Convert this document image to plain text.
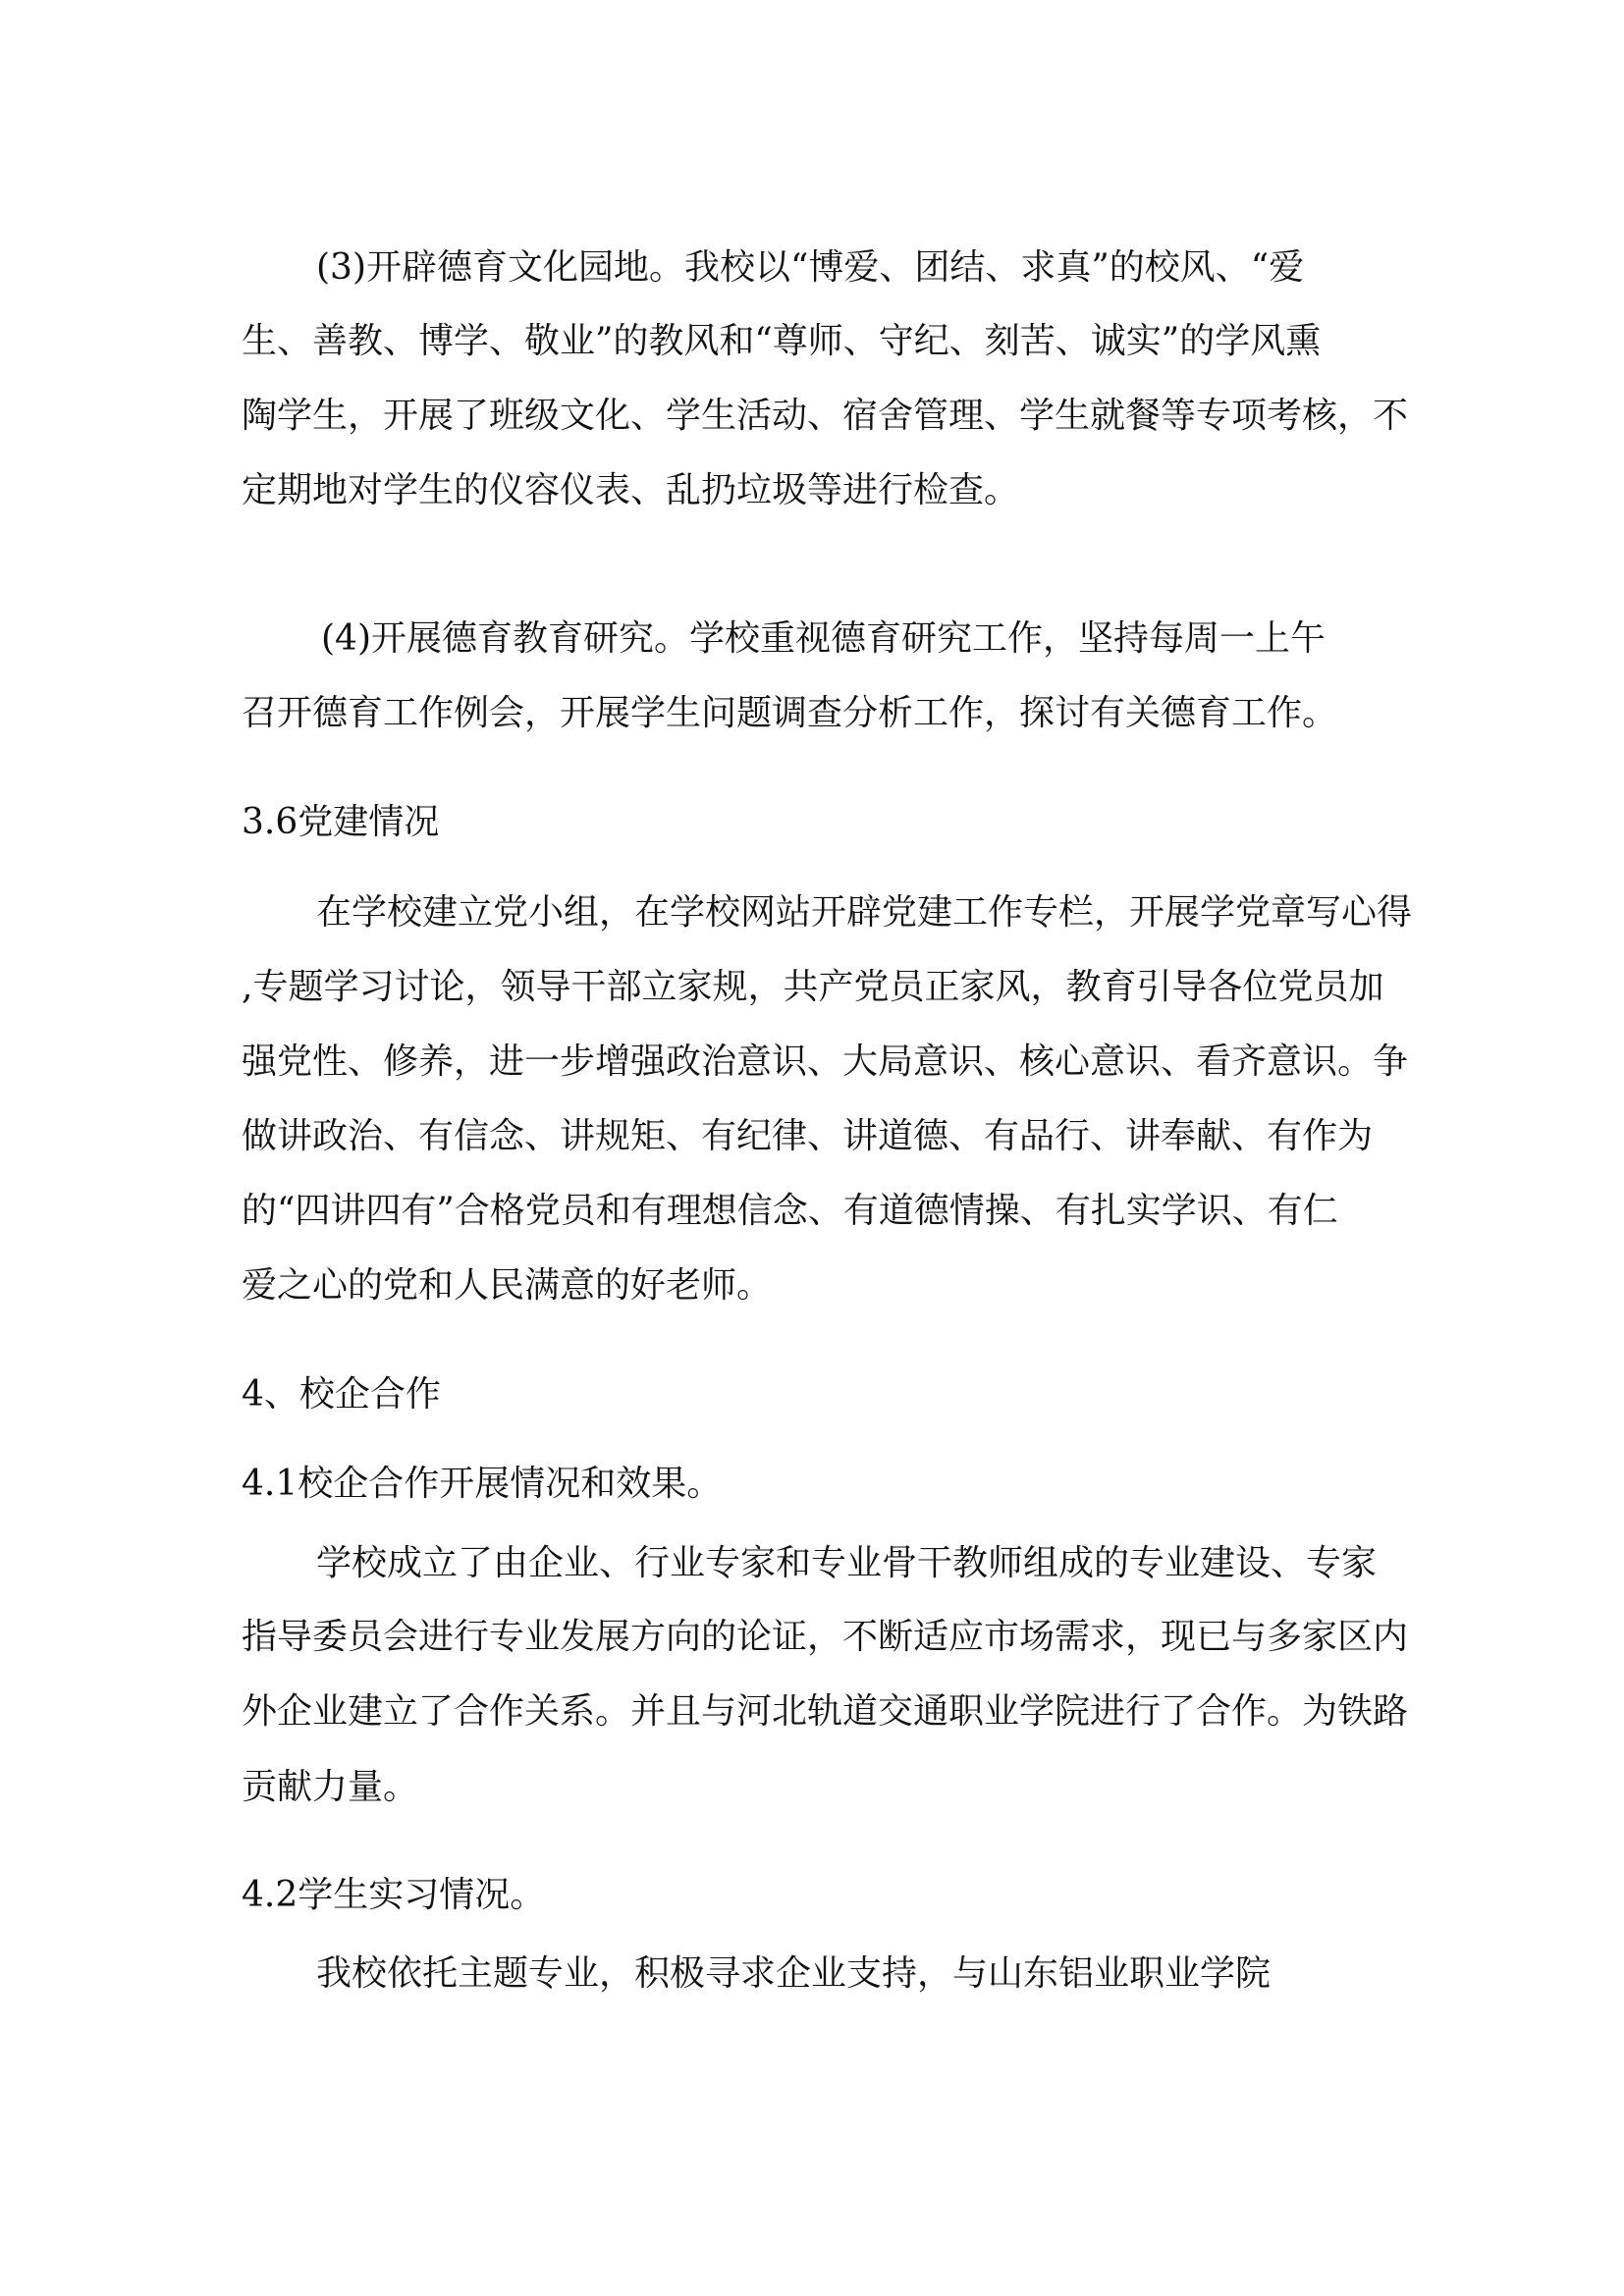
(3)开辟德育文化园地。我校以“博爱、团结、求真”的校风、“爱

生、善教、博学、敬业”的教风和“尊师、守纪、刻苦、诚实”的学风熏

陶学生，开展了班级文化、学生活动、宿舍管理、学生就餐等专项考核，不

定期地对学生的仪容仪表、乱扔垃圾等进行检查。

(4)开展德育教育研究。学校重视德育研究工作，坚持每周一上午

召开德育工作例会，开展学生问题调查分析工作，探讨有关德育工作。

3.6党建情况

在学校建立党小组，在学校网站开辟党建工作专栏，开展学党章写心得

,专题学习讨论，领导干部立家规，共产党员正家风，教育引导各位党员加

强党性、修养，进一步增强政治意识、大局意识、核心意识、看齐意识。争

做讲政治、有信念、讲规矩、有纪律、讲道德、有品行、讲奉献、有作为

的“四讲四有”合格党员和有理想信念、有道德情操、有扎实学识、有仁

爱之心的党和人民满意的好老师。

4、校企合作

4.1校企合作开展情况和效果。

学校成立了由企业、行业专家和专业骨干教师组成的专业建设、专家

指导委员会进行专业发展方向的论证，不断适应市场需求，现已与多家区内

外企业建立了合作关系。并且与河北轨道交通职业学院进行了合作。为铁路

贡献力量。

4.2学生实习情况。

我校依托主题专业，积极寻求企业支持，与山东铝业职业学院
